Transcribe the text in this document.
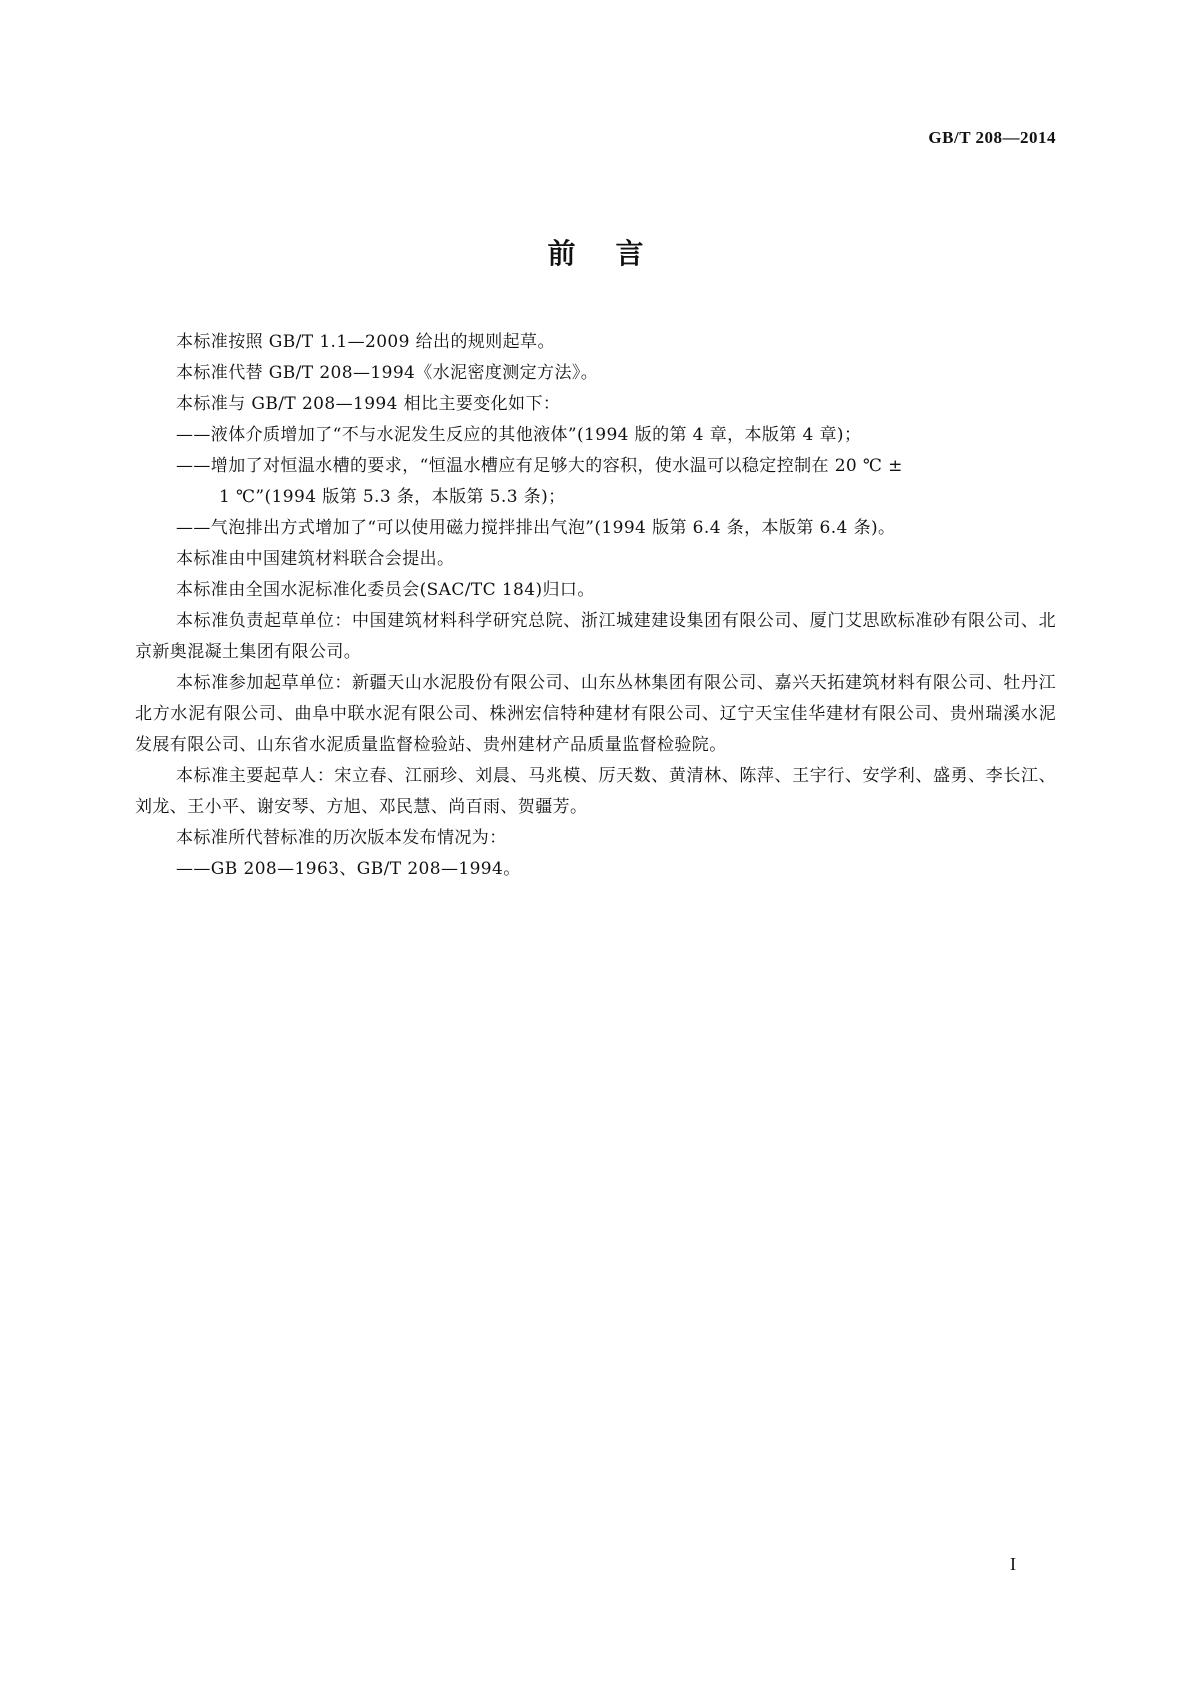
GB/T 208—2014
前言

本标准按照 GB/T 1.1—2009 给出的规则起草。

本标准代替 GB/T 208—1994《水泥密度测定方法》。

本标准与 GB/T 208—1994 相比主要变化如下：

——液体介质增加了“不与水泥发生反应的其他液体”(1994 版的第 4 章，本版第 4 章)；

——增加了对恒温水槽的要求，“恒温水槽应有足够大的容积，使水温可以稳定控制在 20 ℃ ±

1 ℃”(1994 版第 5.3 条，本版第 5.3 条)；

——气泡排出方式增加了“可以使用磁力搅拌排出气泡”(1994 版第 6.4 条，本版第 6.4 条)。

本标准由中国建筑材料联合会提出。

本标准由全国水泥标准化委员会(SAC/TC 184)归口。

本标准负责起草单位：中国建筑材料科学研究总院、浙江城建建设集团有限公司、厦门艾思欧标准砂有限公司、北京新奥混凝土集团有限公司。

本标准参加起草单位：新疆天山水泥股份有限公司、山东丛林集团有限公司、嘉兴天拓建筑材料有限公司、牡丹江北方水泥有限公司、曲阜中联水泥有限公司、株洲宏信特种建材有限公司、辽宁天宝佳华建材有限公司、贵州瑞溪水泥发展有限公司、山东省水泥质量监督检验站、贵州建材产品质量监督检验院。

本标准主要起草人：宋立春、江丽珍、刘晨、马兆模、厉天数、黄清林、陈萍、王宇行、安学利、盛勇、李长江、刘龙、王小平、谢安琴、方旭、邓民慧、尚百雨、贺疆芳。

本标准所代替标准的历次版本发布情况为：

——GB 208—1963、GB/T 208—1994。

I
